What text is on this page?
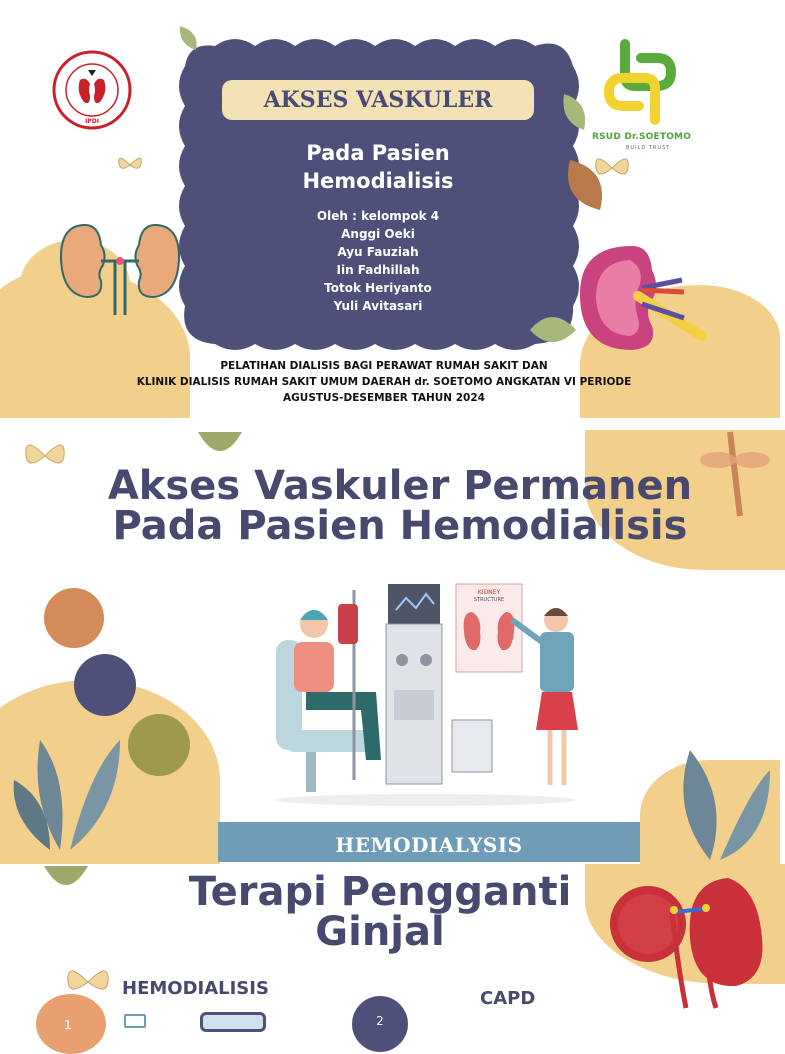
AKSES VASKULER
Pada Pasien
Hemodialisis
Oleh : kelompok 4
Anggi Oeki
Ayu Fauziah
Iin Fadhillah
Totok Heriyanto
Yuli Avitasari
PELATIHAN DIALISIS BAGI PERAWAT RUMAH SAKIT DAN
KLINIK DIALISIS RUMAH SAKIT UMUM DAERAH dr. SOETOMO ANGKATAN VI PERIODE
AGUSTUS-DESEMBER TAHUN 2024
IPDI
RSUD Dr.SOETOMO
BUILD TRUST
Akses Vaskuler Permanen
Pada Pasien Hemodialisis
KIDNEY
STRUCTURE
HEMODIALYSIS
Terapi Pengganti
Ginjal
HEMODIALISIS	CAPD
1	2
